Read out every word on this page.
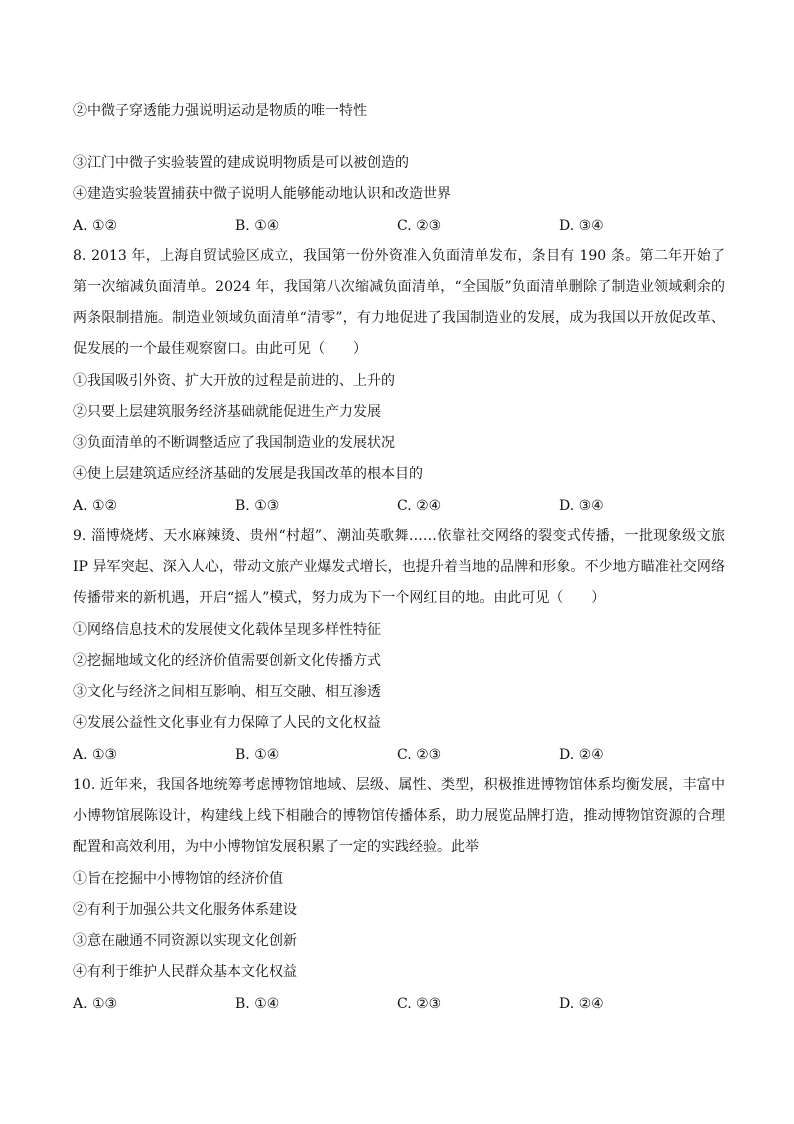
②中微子穿透能力强说明运动是物质的唯一特性
③江门中微子实验装置的建成说明物质是可以被创造的
④建造实验装置捕获中微子说明人能够能动地认识和改造世界
A. ①②	B. ①④	C. ②③	D. ③④
8. 2013 年，上海自贸试验区成立，我国第一份外资准入负面清单发布，条目有 190 条。第二年开始了第一次缩减负面清单。2024 年，我国第八次缩减负面清单，“全国版”负面清单删除了制造业领域剩余的两条限制措施。制造业领域负面清单“清零”，有力地促进了我国制造业的发展，成为我国以开放促改革、促发展的一个最佳观察窗口。由此可见（　　）
①我国吸引外资、扩大开放的过程是前进的、上升的
②只要上层建筑服务经济基础就能促进生产力发展
③负面清单的不断调整适应了我国制造业的发展状况
④使上层建筑适应经济基础的发展是我国改革的根本目的
A. ①②	B. ①③	C. ②④	D. ③④
9. 淄博烧烤、天水麻辣烫、贵州“村超”、潮汕英歌舞……依靠社交网络的裂变式传播，一批现象级文旅 IP 异军突起、深入人心，带动文旅产业爆发式增长，也提升着当地的品牌和形象。不少地方瞄准社交网络传播带来的新机遇，开启“摇人”模式，努力成为下一个网红目的地。由此可见（　　）
①网络信息技术的发展使文化载体呈现多样性特征
②挖掘地域文化的经济价值需要创新文化传播方式
③文化与经济之间相互影响、相互交融、相互渗透
④发展公益性文化事业有力保障了人民的文化权益
A. ①③	B. ①④	C. ②③	D. ②④
10. 近年来，我国各地统筹考虑博物馆地域、层级、属性、类型，积极推进博物馆体系均衡发展，丰富中小博物馆展陈设计，构建线上线下相融合的博物馆传播体系，助力展览品牌打造，推动博物馆资源的合理配置和高效利用，为中小博物馆发展积累了一定的实践经验。此举
①旨在挖掘中小博物馆的经济价值
②有利于加强公共文化服务体系建设
③意在融通不同资源以实现文化创新
④有利于维护人民群众基本文化权益
A. ①③	B. ①④	C. ②③	D. ②④
